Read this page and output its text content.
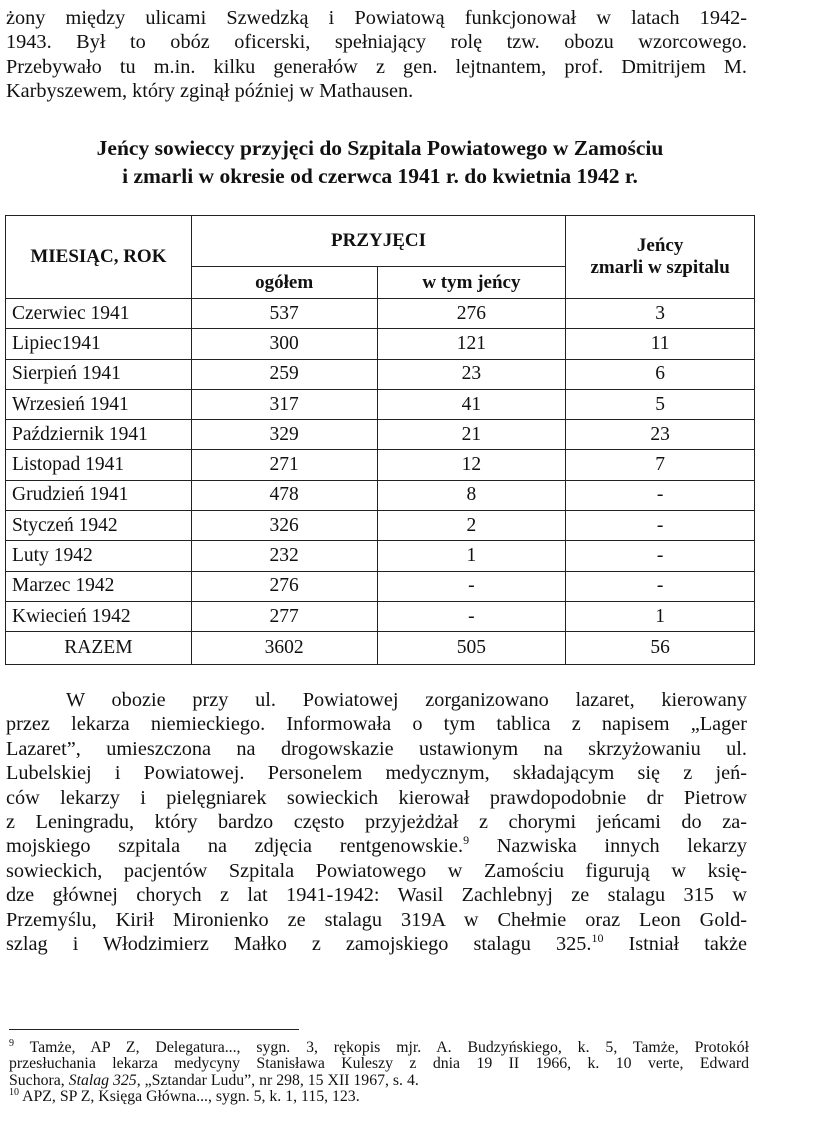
żony między ulicami Szwedzką i Powiatową funkcjonował w latach 1942-
1943. Był to obóz oficerski, spełniający rolę tzw. obozu wzorcowego.
Przebywało tu m.in. kilku generałów z gen. lejtnantem, prof. Dmitrijem M.
Karbyszewem, który zginął później w Mathausen.

Jeńcy sowieccy przyjęci do Szpitala Powiatowego w Zamościu
i zmarli w okresie od czerwca 1941 r. do kwietnia 1942 r.
MIESIĄC, ROK	PRZYJĘCI		Jeńcy
zmarli w szpitalu

	ogółem	w tym jeńcy	
Czerwiec 1941	537	276	3
Lipiec1941	300	121	11
Sierpień 1941	259	23	6
Wrzesień 1941	317	41	5
Październik 1941	329	21	23
Listopad 1941	271	12	7
Grudzień 1941	478	8	-
Styczeń 1942	326	2	-
Luty 1942	232	1	-
Marzec 1942	276	-	-
Kwiecień 1942	277	-	1
RAZEM	3602	505	56

W obozie przy ul. Powiatowej zorganizowano lazaret, kierowany
przez lekarza niemieckiego. Informowała o tym tablica z napisem „Lager
Lazaret”, umieszczona na drogowskazie ustawionym na skrzyżowaniu ul.
Lubelskiej i Powiatowej. Personelem medycznym, składającym się z jeń-
ców lekarzy i pielęgniarek sowieckich kierował prawdopodobnie dr Pietrow
z Leningradu, który bardzo często przyjeżdżał z chorymi jeńcami do za-
mojskiego szpitala na zdjęcia rentgenowskie.$^9$ Nazwiska innych lekarzy
sowieckich, pacjentów Szpitala Powiatowego w Zamościu figurują w księ-
dze głównej chorych z lat 1941-1942: Wasil Zachlebnyj ze stalagu 315 w
Przemyślu, Kirił Mironienko ze stalagu 319A w Chełmie oraz Leon Gold-
szlag i Włodzimierz Małko z zamojskiego stalagu 325.10 Istniał także

$^9$ Tamże, AP Z, Delegatura..., sygn. 3, rękopis mjr. A. Budzyńskiego, k. 5, Tamże, Protokół
przesłuchania lekarza medycyny Stanisława Kuleszy z dnia 19 II 1966, k. 10 verte, Edward
Suchora, Stalag 325, „Sztandar Ludu”, nr 298, 15 XII 1967, s. 4.
$^{10}$ APZ, SP Z, Księga Główna..., sygn. 5, k. 1, 115, 123.
